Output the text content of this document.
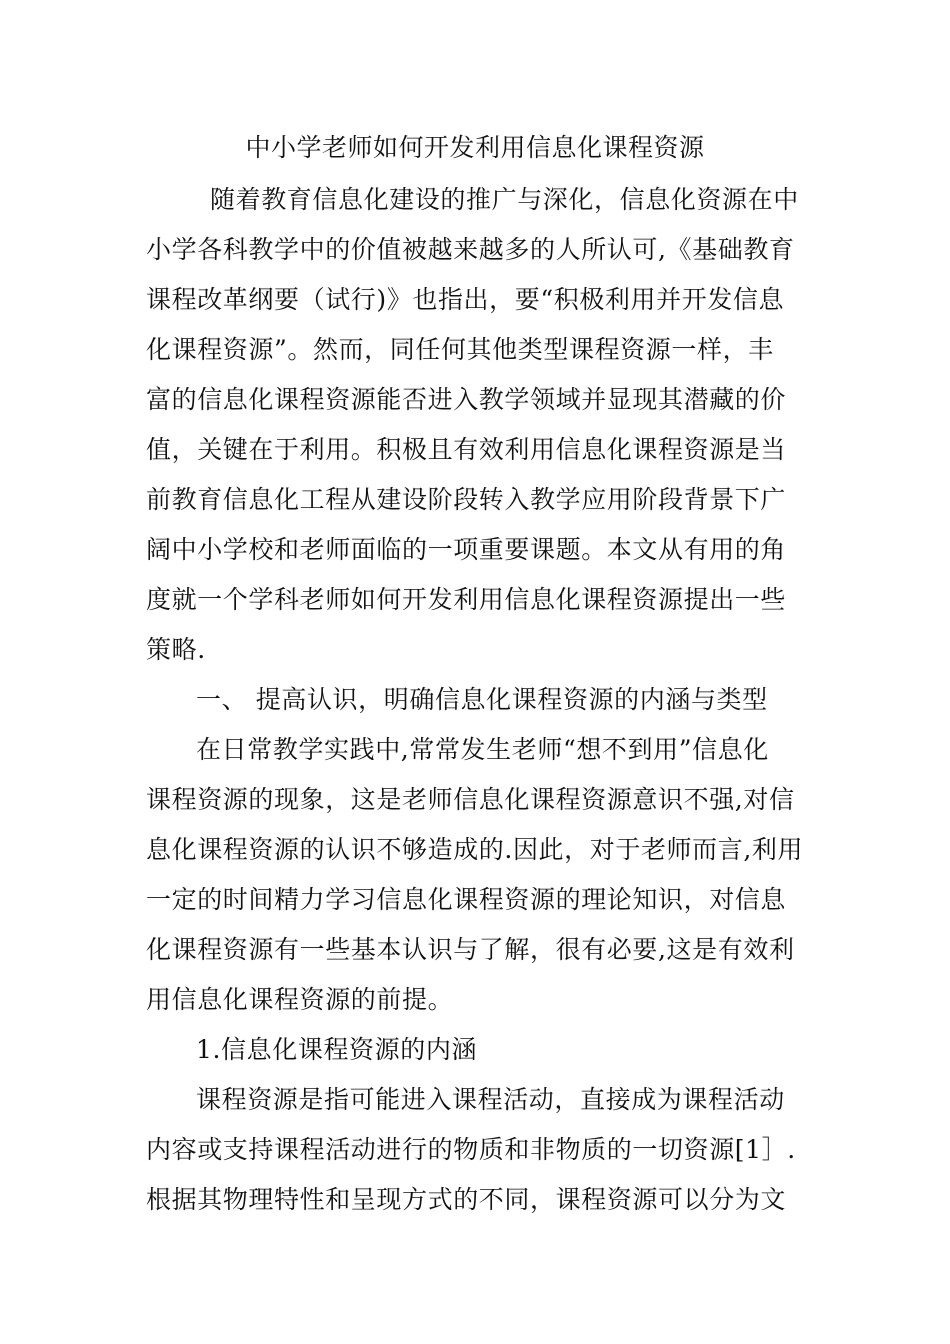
中小学老师如何开发利用信息化课程资源
随着教育信息化建设的推广与深化，信息化资源在中
小学各科教学中的价值被越来越多的人所认可,《基础教育
课程改革纲要（试行)》也指出，要“积极利用并开发信息
化课程资源”。然而，同任何其他类型课程资源一样，丰
富的信息化课程资源能否进入教学领域并显现其潜藏的价
值，关键在于利用。积极且有效利用信息化课程资源是当
前教育信息化工程从建设阶段转入教学应用阶段背景下广
阔中小学校和老师面临的一项重要课题。本文从有用的角
度就一个学科老师如何开发利用信息化课程资源提出一些
策略.
一、 提高认识，明确信息化课程资源的内涵与类型
在日常教学实践中,常常发生老师“想不到用”信息化
课程资源的现象，这是老师信息化课程资源意识不强,对信
息化课程资源的认识不够造成的.因此，对于老师而言,利用
一定的时间精力学习信息化课程资源的理论知识，对信息
化课程资源有一些基本认识与了解，很有必要,这是有效利
用信息化课程资源的前提。
1.信息化课程资源的内涵
课程资源是指可能进入课程活动，直接成为课程活动
内容或支持课程活动进行的物质和非物质的一切资源[1］.
根据其物理特性和呈现方式的不同，课程资源可以分为文
